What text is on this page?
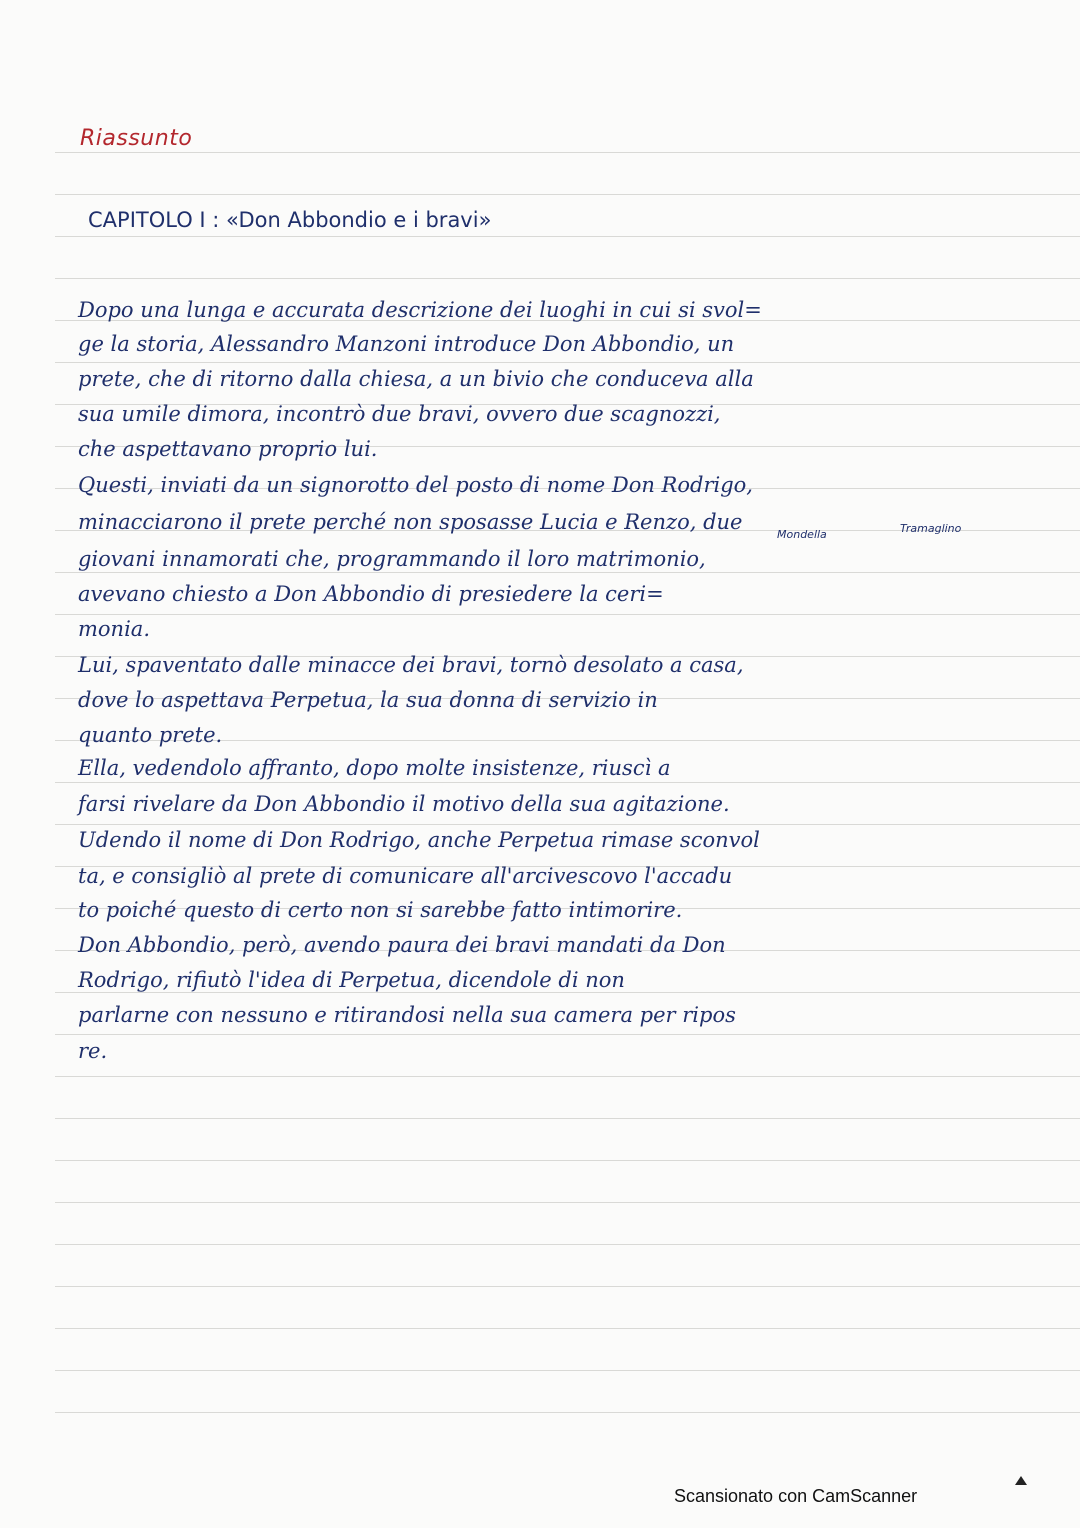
Riassunto
CAPITOLO I : «Don Abbondio e i bravi»
Dopo una lunga e accurata descrizione dei luoghi in cui si svol=
ge la storia, Alessandro Manzoni introduce Don Abbondio, un
prete, che di ritorno dalla chiesa, a un bivio che conduceva alla
sua umile dimora, incontrò due bravi, ovvero due scagnozzi,
che aspettavano proprio lui.
Questi, inviati da un signorotto del posto di nome Don Rodrigo,
minacciarono il prete perché non sposasse Lucia e Renzo, due
giovani innamorati che, programmando il loro matrimonio,
avevano chiesto a Don Abbondio di presiedere la ceri=
monia.
Lui, spaventato dalle minacce dei bravi, tornò desolato a casa,
dove lo aspettava Perpetua, la sua donna di servizio in
quanto prete.
Ella, vedendolo affranto, dopo molte insistenze, riuscì a
farsi rivelare da Don Abbondio il motivo della sua agitazione.
Udendo il nome di Don Rodrigo, anche Perpetua rimase sconvol
ta, e consigliò al prete di comunicare all'arcivescovo l'accadu
to poiché questo di certo non si sarebbe fatto intimorire.
Don Abbondio, però, avendo paura dei bravi mandati da Don
Rodrigo, rifiutò l'idea di Perpetua, dicendole di non
parlarne con nessuno e ritirandosi nella sua camera per ripos
re.
Mondella	Tramaglino
Scansionato con CamScanner
